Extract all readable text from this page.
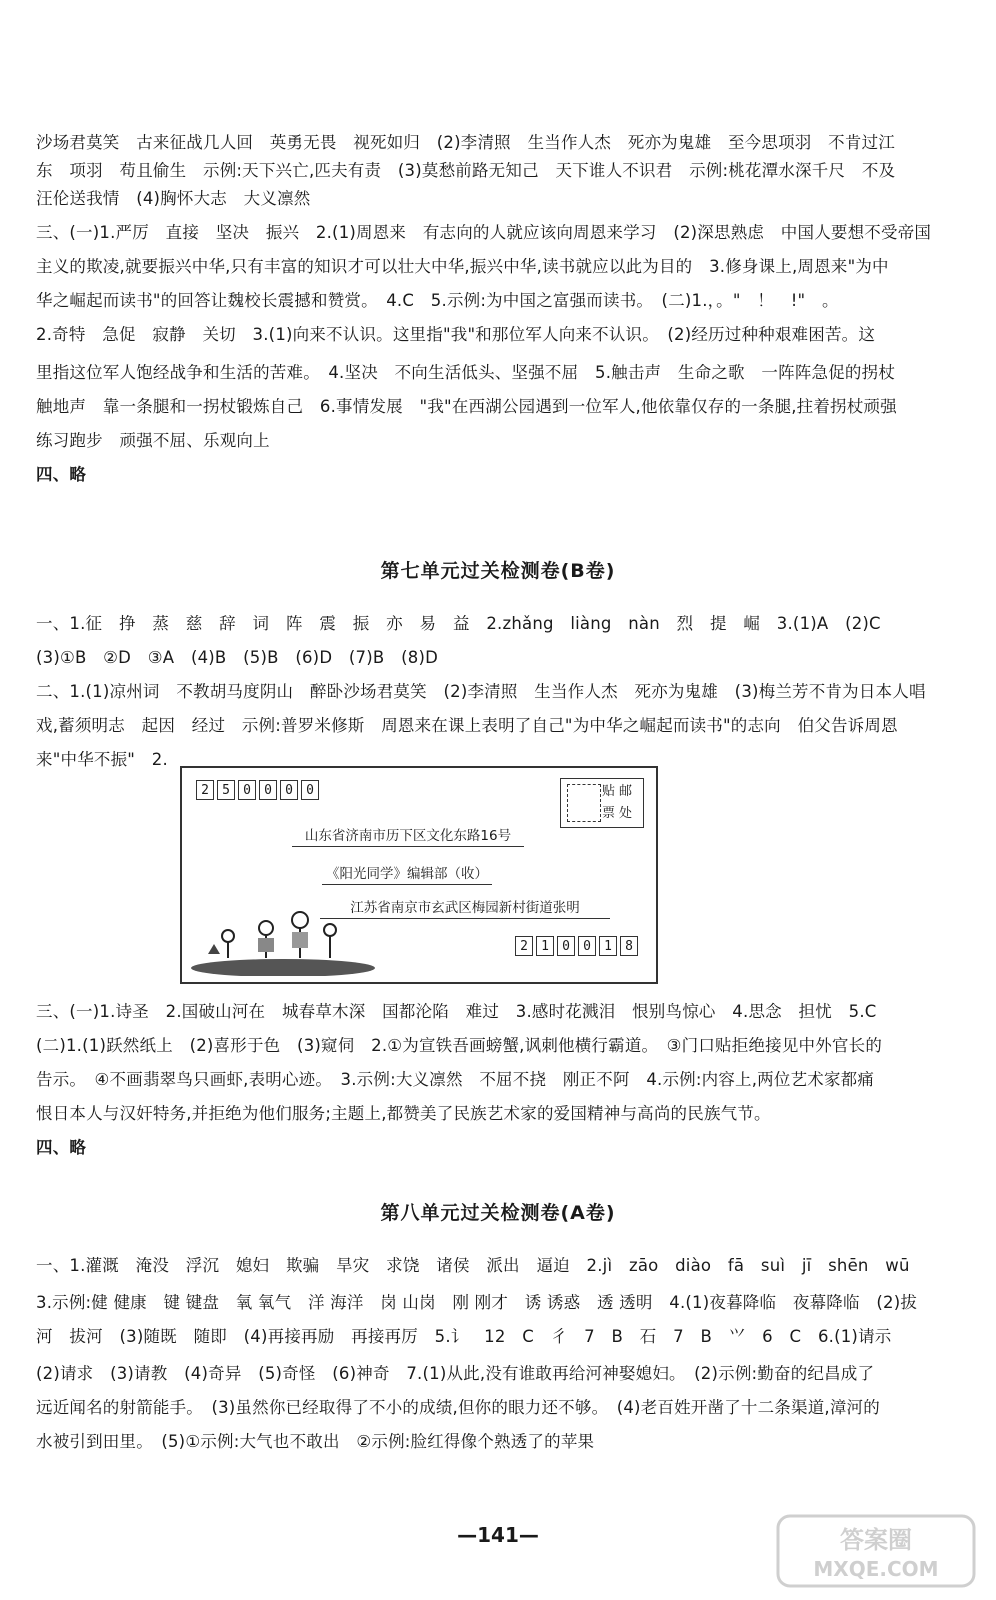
沙场君莫笑　古来征战几人回　英勇无畏　视死如归　(2)李清照　生当作人杰　死亦为鬼雄　至今思项羽　不肯过江
东　项羽　苟且偷生　示例:天下兴亡,匹夫有责　(3)莫愁前路无知己　天下谁人不识君　示例:桃花潭水深千尺　不及
汪伦送我情　(4)胸怀大志　大义凛然
三、(一)1.严厉　直接　坚决　振兴　2.(1)周恩来　有志向的人就应该向周恩来学习　(2)深思熟虑　中国人要想不受帝国
主义的欺凌,就要振兴中华,只有丰富的知识才可以壮大中华,振兴中华,读书就应以此为目的　3.修身课上,周恩来"为中
华之崛起而读书"的回答让魏校长震撼和赞赏。　4.C　5.示例:为中国之富强而读书。　(二)1.，。"　！　!"　。
2.奇特　急促　寂静　关切　3.(1)向来不认识。这里指"我"和那位军人向来不认识。　(2)经历过种种艰难困苦。这
里指这位军人饱经战争和生活的苦难。　4.坚决　不向生活低头、坚强不屈　5.触击声　生命之歌　一阵阵急促的拐杖
触地声　靠一条腿和一拐杖锻炼自己　6.事情发展　"我"在西湖公园遇到一位军人,他依靠仅存的一条腿,拄着拐杖顽强
练习跑步　顽强不屈、乐观向上
四、略
第七单元过关检测卷(B卷)
一、1.征　挣　蒸　慈　辞　词　阵　震　振　亦　易　益　2.zhǎng　liàng　nàn　烈　提　崛　3.(1)A　(2)C
(3)①B　②D　③A　(4)B　(5)B　(6)D　(7)B　(8)D
二、1.(1)凉州词　不教胡马度阴山　醉卧沙场君莫笑　(2)李清照　生当作人杰　死亦为鬼雄　(3)梅兰芳不肯为日本人唱
戏,蓄须明志　起因　经过　示例:普罗米修斯　周恩来在课上表明了自己"为中华之崛起而读书"的志向　伯父告诉周恩
来"中华不振"　2.
2	5	0	0	0	0	贴邮票处
山东省济南市历下区文化东路16号
《阳光同学》编辑部（收）
江苏省南京市玄武区梅园新村街道张明
2	1	0	0	1	8
三、(一)1.诗圣　2.国破山河在　城春草木深　国都沦陷　难过　3.感时花溅泪　恨别鸟惊心　4.思念　担忧　5.C
(二)1.(1)跃然纸上　(2)喜形于色　(3)窥伺　2.①为宣铁吾画螃蟹,讽刺他横行霸道。　③门口贴拒绝接见中外官长的
告示。　④不画翡翠鸟只画虾,表明心迹。　3.示例:大义凛然　不屈不挠　刚正不阿　4.示例:内容上,两位艺术家都痛
恨日本人与汉奸特务,并拒绝为他们服务;主题上,都赞美了民族艺术家的爱国精神与高尚的民族气节。
四、略
第八单元过关检测卷(A卷)
一、1.灌溉　淹没　浮沉　媳妇　欺骗　旱灾　求饶　诸侯　派出　逼迫　2.jì　zāo　diào　fā　suì　jī　shēn　wū
3.示例:健 健康　键 键盘　氧 氧气　洋 海洋　岗 山岗　刚 刚才　诱 诱惑　透 透明　4.(1)夜暮降临　夜幕降临　(2)拔
河　拔河　(3)随既　随即　(4)再接再励　再接再厉　5.讠　12　C　彳　7　B　石　7　B　⺍　6　C　6.(1)请示
(2)请求　(3)请教　(4)奇异　(5)奇怪　(6)神奇　7.(1)从此,没有谁敢再给河神娶媳妇。　(2)示例:勤奋的纪昌成了
远近闻名的射箭能手。　(3)虽然你已经取得了不小的成绩,但你的眼力还不够。　(4)老百姓开凿了十二条渠道,漳河的
水被引到田里。　(5)①示例:大气也不敢出　②示例:脸红得像个熟透了的苹果
—141—	答案圈
MXQE.COM
